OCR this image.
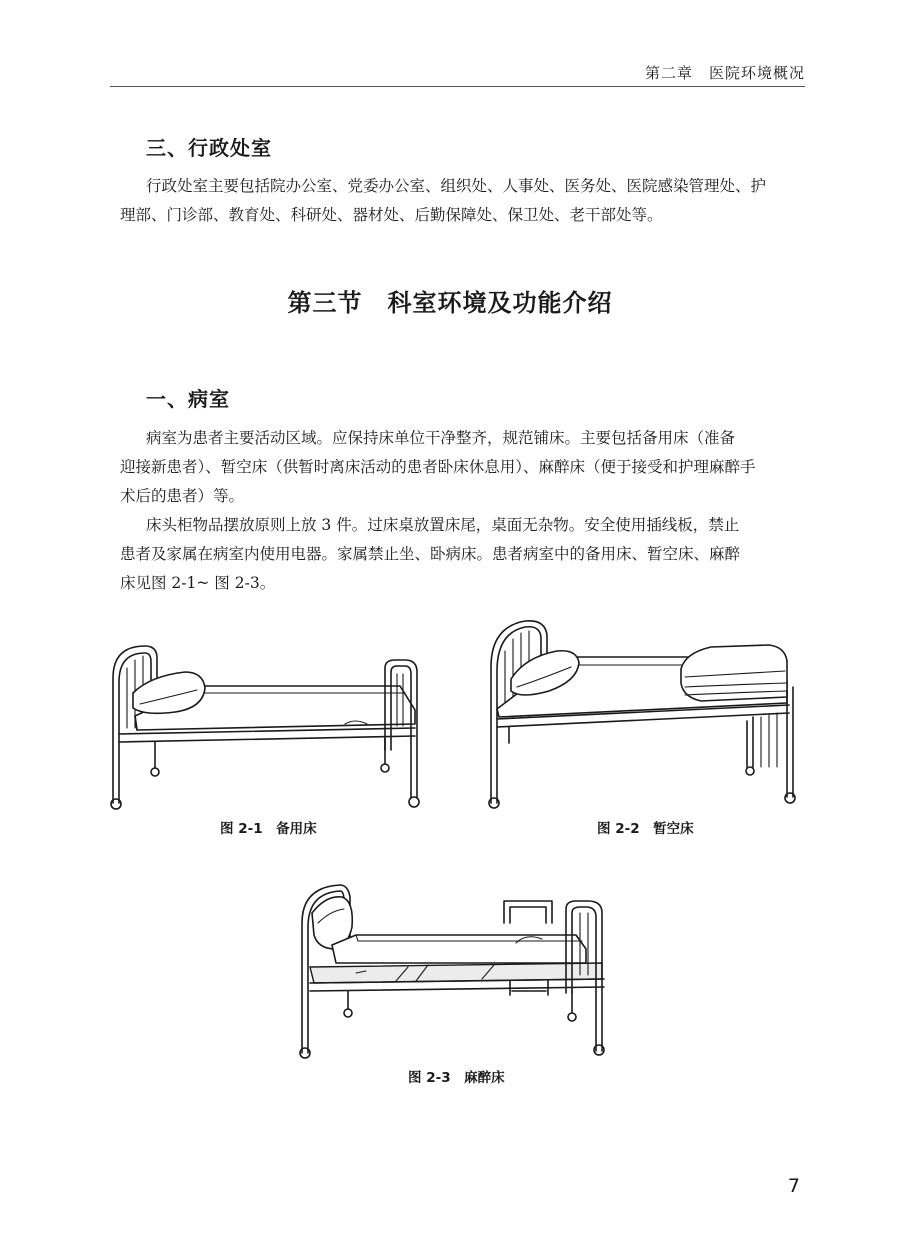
第二章　医院环境概况
三、行政处室

行政处室主要包括院办公室、党委办公室、组织处、人事处、医务处、医院感染管理处、护
理部、门诊部、教育处、科研处、器材处、后勤保障处、保卫处、老干部处等。

第三节　科室环境及功能介绍
一、病室

病室为患者主要活动区域。应保持床单位干净整齐，规范铺床。主要包括备用床（准备
迎接新患者）、暂空床（供暂时离床活动的患者卧床休息用）、麻醉床（便于接受和护理麻醉手
术后的患者）等。

床头柜物品摆放原则上放 3 件。过床桌放置床尾，桌面无杂物。安全使用插线板，禁止
患者及家属在病室内使用电器。家属禁止坐、卧病床。患者病室中的备用床、暂空床、麻醉
床见图 2-1~ 图 2-3。

图 2-1　备用床	图 2-2　暂空床
图 2-3　麻醉床
7
